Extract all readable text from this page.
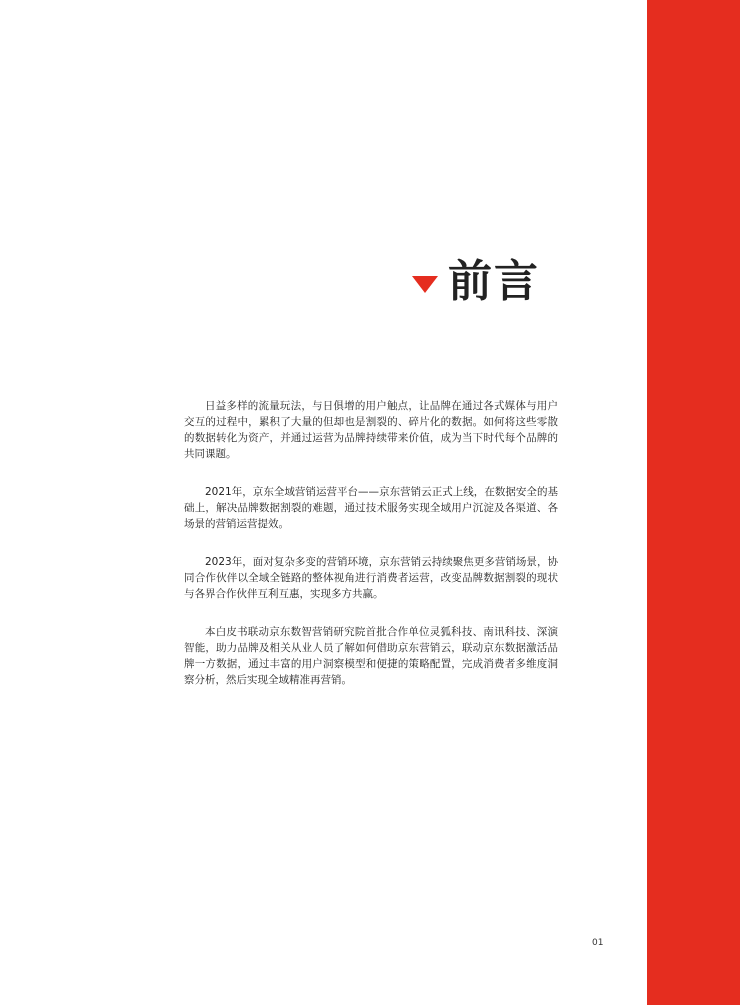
前言

日益多样的流量玩法，与日俱增的用户触点，让品牌在通过各式媒体与用户交互的过程中，累积了大量的但却也是割裂的、碎片化的数据。如何将这些零散的数据转化为资产，并通过运营为品牌持续带来价值，成为当下时代每个品牌的共同课题。

2021年，京东全域营销运营平台——京东营销云正式上线，在数据安全的基础上，解决品牌数据割裂的难题，通过技术服务实现全域用户沉淀及各渠道、各场景的营销运营提效。

2023年，面对复杂多变的营销环境，京东营销云持续聚焦更多营销场景，协同合作伙伴以全域全链路的整体视角进行消费者运营，改变品牌数据割裂的现状与各界合作伙伴互利互惠，实现多方共赢。

本白皮书联动京东数智营销研究院首批合作单位灵狐科技、南讯科技、深演智能，助力品牌及相关从业人员了解如何借助京东营销云，联动京东数据激活品牌一方数据，通过丰富的用户洞察模型和便捷的策略配置，完成消费者多维度洞察分析，然后实现全域精准再营销。

01
